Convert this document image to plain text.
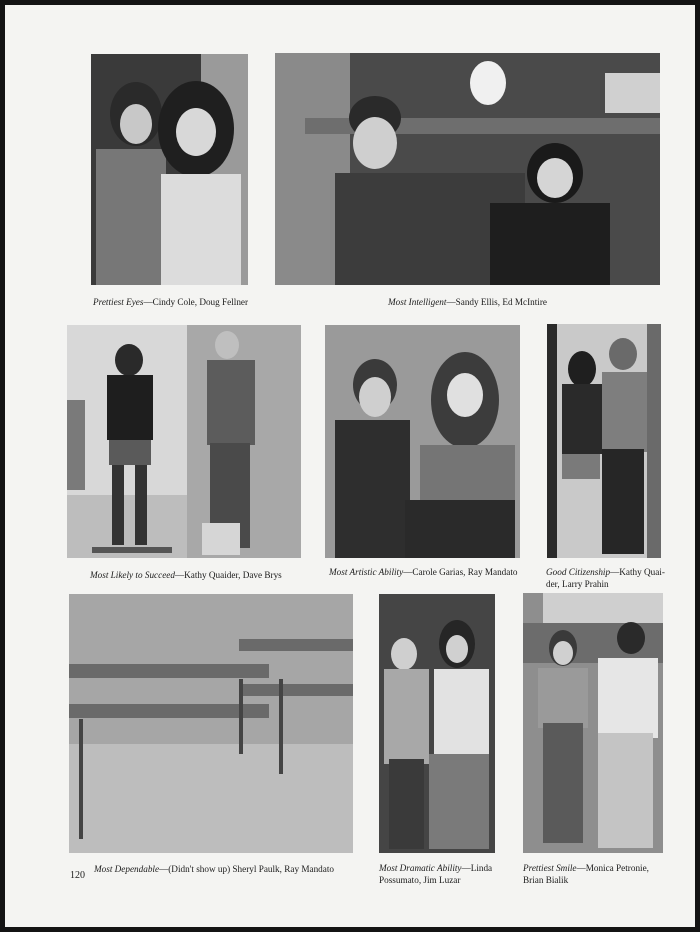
Prettiest Eyes—Cindy Cole, Doug Fellner	Most Intelligent—Sandy Ellis, Ed McIntire
Most Likely to Succeed—Kathy Quaider, Dave Brys	Most Artistic Ability—Carole Garias, Ray Mandato	Good Citizenship—Kathy Quai-
der, Larry Prahin
Most Dependable—(Didn't show up) Sheryl Paulk, Ray Mandato	Most Dramatic Ability—Linda
Possumato, Jim Luzar
Prettiest Smile—Monica Petronie,
Brian Bialik
120
